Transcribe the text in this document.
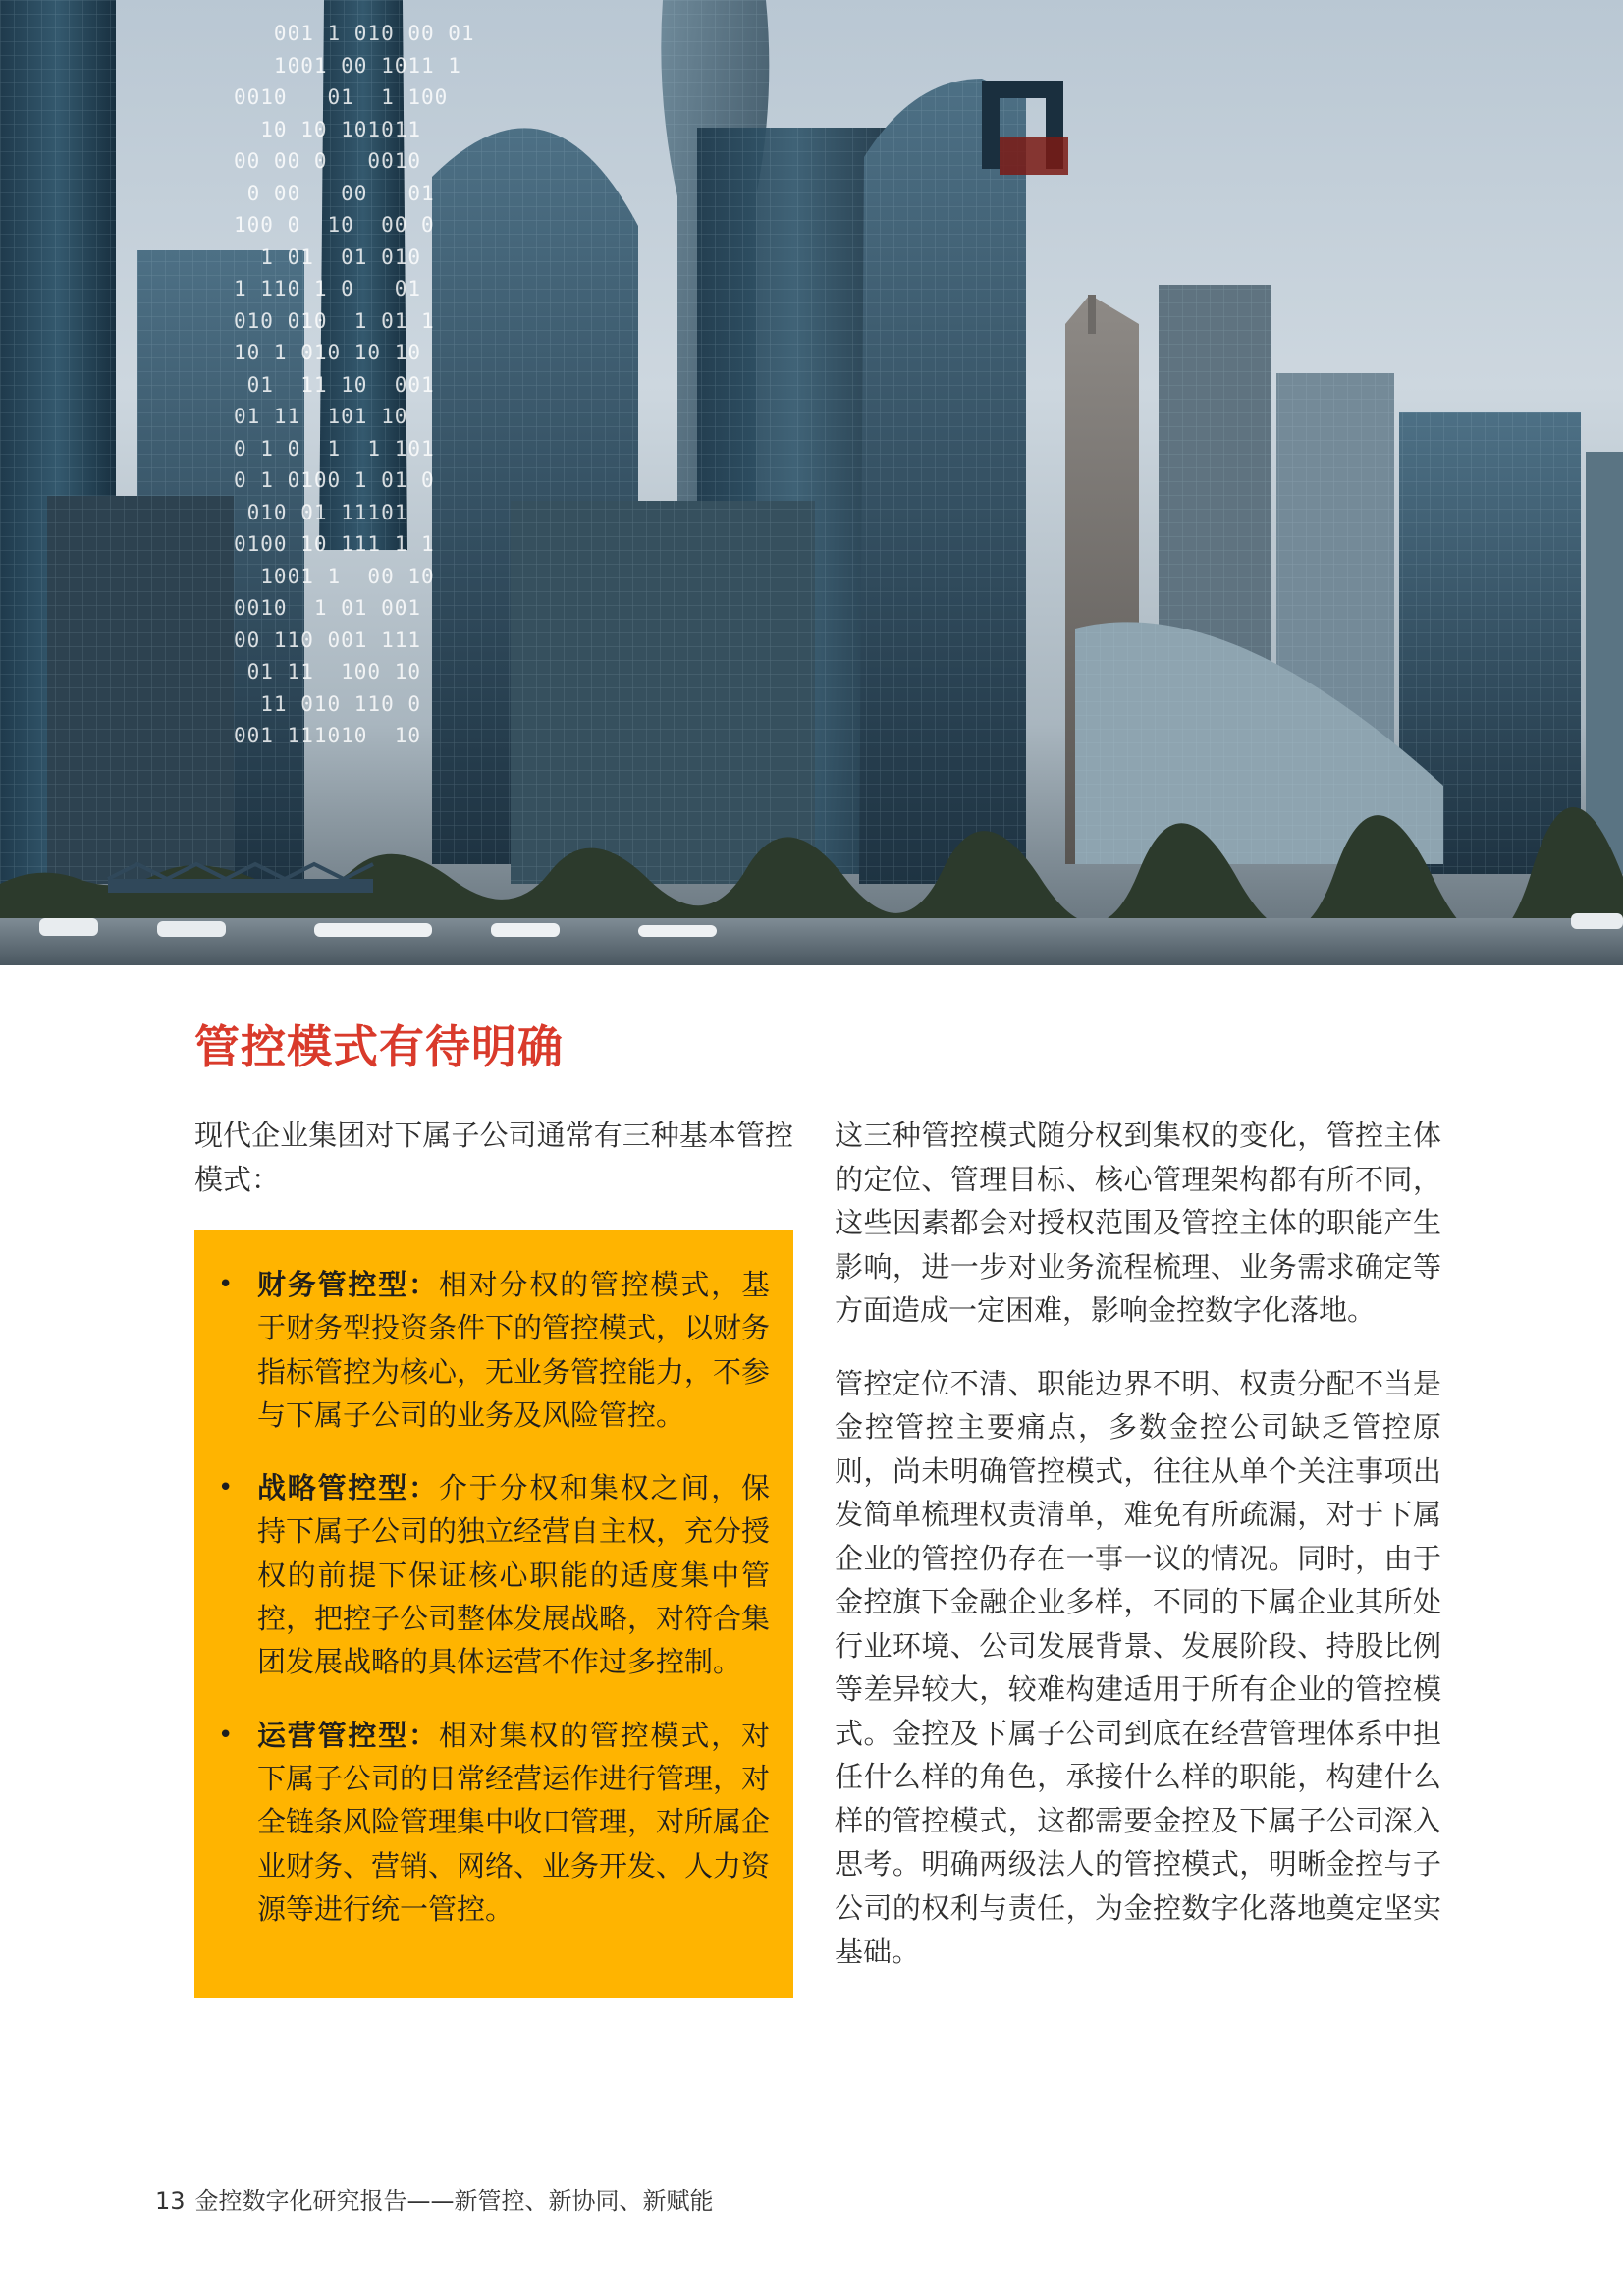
001 1 010 00 01
1001 00 1011 1
0010   01  1 100
10 10 101011
00 00 0   0010
0 00   00   01
100 0  10  00 0
1 01  01 010
1 110 1 0   01
010 010  1 01 1
10 1 010 10 10
01  11 10  001
01 11  101 10
0 1 0  1  1 101
0 1 0100 1 01 0
010 01 11101
0100 10 111 1 1
1001 1  00 10
0010  1 01 001
00 110 001 111
01 11  100 10
11 010 110 0
001 111010  10
管控模式有待明确

现代企业集团对下属子公司通常有三种基本管控模式：

• 财务管控型：相对分权的管控模式，基于财务型投资条件下的管控模式，以财务指标管控为核心，无业务管控能力，不参与下属子公司的业务及风险管控。
• 战略管控型：介于分权和集权之间，保持下属子公司的独立经营自主权，充分授权的前提下保证核心职能的适度集中管控，把控子公司整体发展战略，对符合集团发展战略的具体运营不作过多控制。
• 运营管控型：相对集权的管控模式，对下属子公司的日常经营运作进行管理，对全链条风险管理集中收口管理，对所属企业财务、营销、网络、业务开发、人力资源等进行统一管控。

这三种管控模式随分权到集权的变化，管控主体的定位、管理目标、核心管理架构都有所不同，这些因素都会对授权范围及管控主体的职能产生影响，进一步对业务流程梳理、业务需求确定等方面造成一定困难，影响金控数字化落地。

管控定位不清、职能边界不明、权责分配不当是金控管控主要痛点，多数金控公司缺乏管控原则，尚未明确管控模式，往往从单个关注事项出发简单梳理权责清单，难免有所疏漏，对于下属企业的管控仍存在一事一议的情况。同时，由于金控旗下金融企业多样，不同的下属企业其所处行业环境、公司发展背景、发展阶段、持股比例等差异较大，较难构建适用于所有企业的管控模式。金控及下属子公司到底在经营管理体系中担任什么样的角色，承接什么样的职能，构建什么样的管控模式，这都需要金控及下属子公司深入思考。明确两级法人的管控模式，明晰金控与子公司的权利与责任，为金控数字化落地奠定坚实基础。

13 金控数字化研究报告——新管控、新协同、新赋能
